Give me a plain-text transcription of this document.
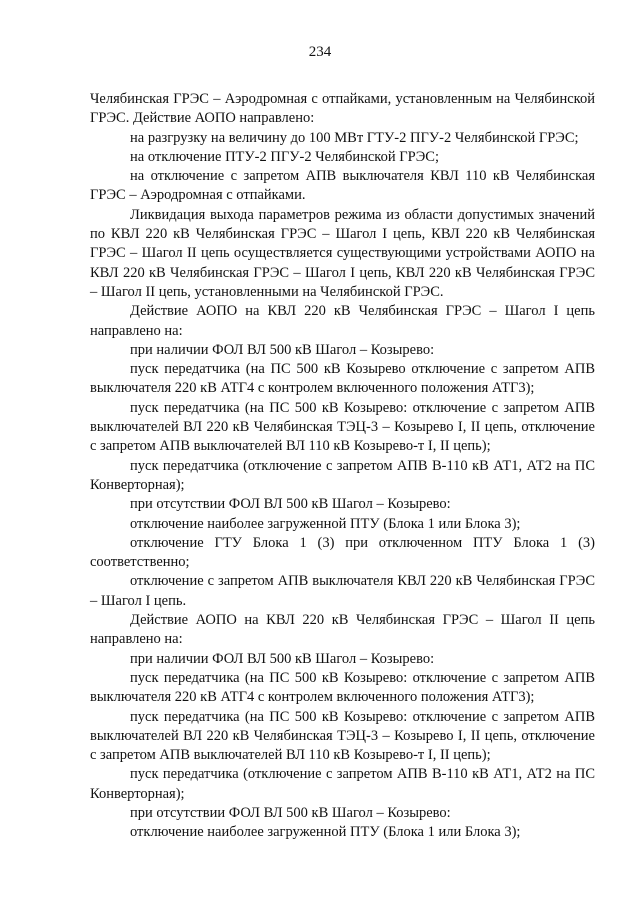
234

Челябинская ГРЭС – Аэродромная с отпайками, установленным на Челябинской ГРЭС. Действие АОПО направлено:

на разгрузку на величину до 100 МВт ГТУ-2 ПГУ-2 Челябинской ГРЭС;

на отключение ПТУ-2 ПГУ-2 Челябинской ГРЭС;

на отключение с запретом АПВ выключателя КВЛ 110 кВ Челябинская ГРЭС – Аэродромная с отпайками.

Ликвидация выхода параметров режима из области допустимых значений по КВЛ 220 кВ Челябинская ГРЭС – Шагол I цепь, КВЛ 220 кВ Челябинская ГРЭС – Шагол II цепь осуществляется существующими устройствами АОПО на КВЛ 220 кВ Челябинская ГРЭС – Шагол I цепь, КВЛ 220 кВ Челябинская ГРЭС – Шагол II цепь, установленными на Челябинской ГРЭС.

Действие АОПО на КВЛ 220 кВ Челябинская ГРЭС – Шагол I цепь направлено на:

при наличии ФОЛ ВЛ 500 кВ Шагол – Козырево:

пуск передатчика (на ПС 500 кВ Козырево отключение с запретом АПВ выключателя 220 кВ АТГ4 с контролем включенного положения АТГ3);

пуск передатчика (на ПС 500 кВ Козырево: отключение с запретом АПВ выключателей ВЛ 220 кВ Челябинская ТЭЦ-3 – Козырево I, II цепь, отключение с запретом АПВ выключателей ВЛ 110 кВ Козырево-т I, II цепь);

пуск передатчика (отключение с запретом АПВ В-110 кВ АТ1, АТ2 на ПС Конверторная);

при отсутствии ФОЛ ВЛ 500 кВ Шагол – Козырево:

отключение наиболее загруженной ПТУ (Блока 1 или Блока 3);

отключение ГТУ Блока 1 (3) при отключенном ПТУ Блока 1 (3) соответственно;

отключение с запретом АПВ выключателя КВЛ 220 кВ Челябинская ГРЭС – Шагол I цепь.

Действие АОПО на КВЛ 220 кВ Челябинская ГРЭС – Шагол II цепь направлено на:

при наличии ФОЛ ВЛ 500 кВ Шагол – Козырево:

пуск передатчика (на ПС 500 кВ Козырево: отключение с запретом АПВ выключателя 220 кВ АТГ4 с контролем включенного положения АТГ3);

пуск передатчика (на ПС 500 кВ Козырево: отключение с запретом АПВ выключателей ВЛ 220 кВ Челябинская ТЭЦ-3 – Козырево I, II цепь, отключение с запретом АПВ выключателей ВЛ 110 кВ Козырево-т I, II цепь);

пуск передатчика (отключение с запретом АПВ В-110 кВ АТ1, АТ2 на ПС Конверторная);

при отсутствии ФОЛ ВЛ 500 кВ Шагол – Козырево:

отключение наиболее загруженной ПТУ (Блока 1 или Блока 3);
